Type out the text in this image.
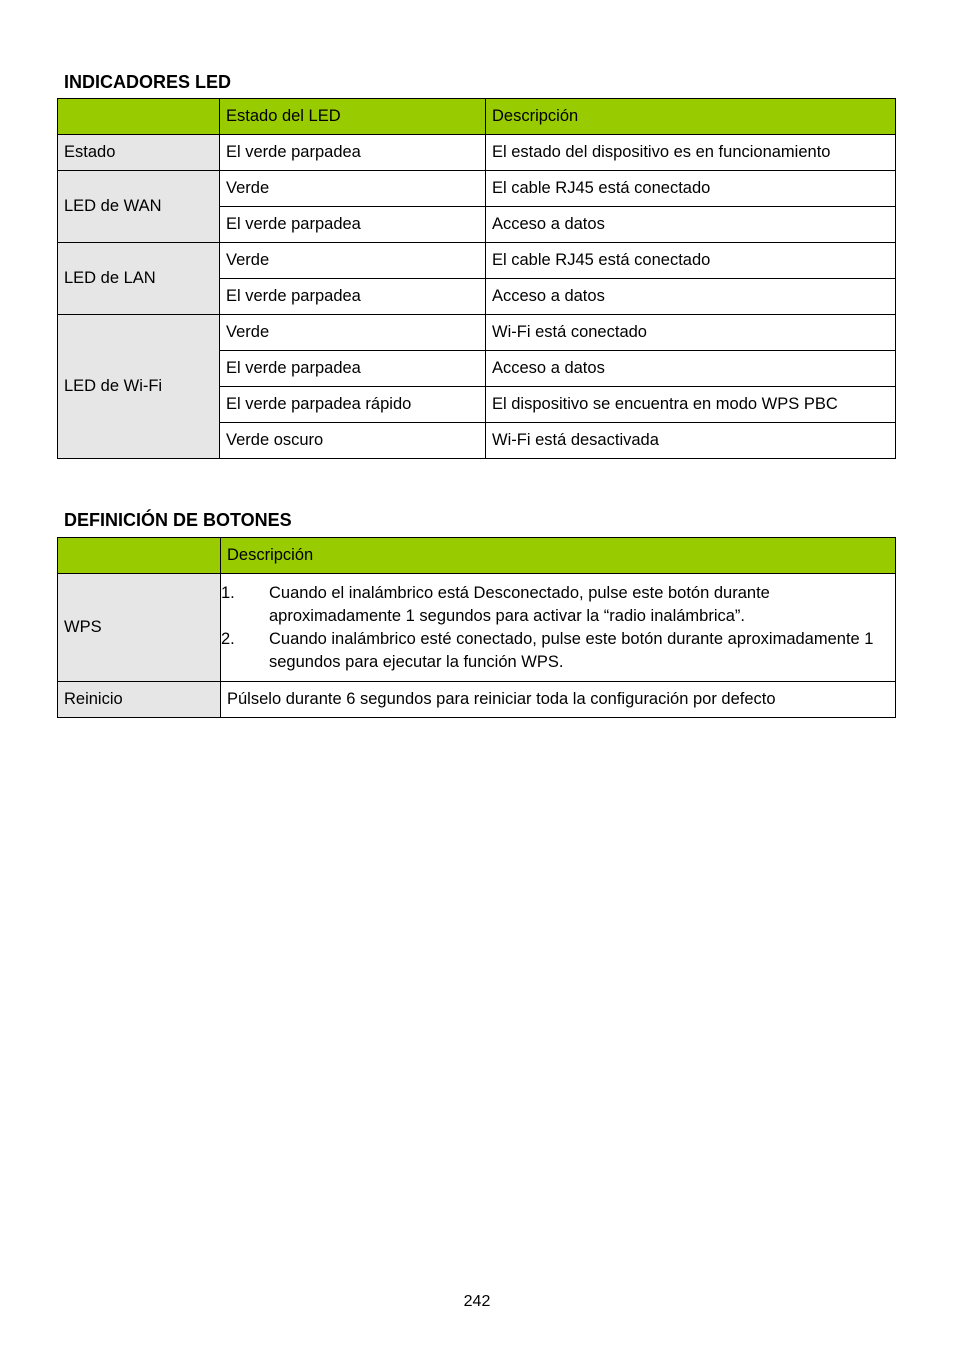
INDICADORES LED
	Estado del LED	Descripción
Estado	El verde parpadea	El estado del dispositivo es en funcionamiento
LED de WAN	Verde	El cable RJ45 está conectado
	El verde parpadea	Acceso a datos
LED de LAN	Verde	El cable RJ45 está conectado
	El verde parpadea	Acceso a datos
LED de Wi-Fi	Verde	Wi-Fi está conectado
	El verde parpadea	Acceso a datos
	El verde parpadea rápido	El dispositivo se encuentra en modo WPS PBC
	Verde oscuro	Wi-Fi está desactivada
DEFINICIÓN DE BOTONES
	Descripción
WPS	1. Cuando el inalámbrico está Desconectado, pulse este botón durante aproximadamente 1 segundos para activar la “radio inalámbrica”.
2. Cuando inalámbrico esté conectado, pulse este botón durante aproximadamente 1 segundos para ejecutar la función WPS.

Reinicio	Púlselo durante 6 segundos para reiniciar toda la configuración por defecto
242
